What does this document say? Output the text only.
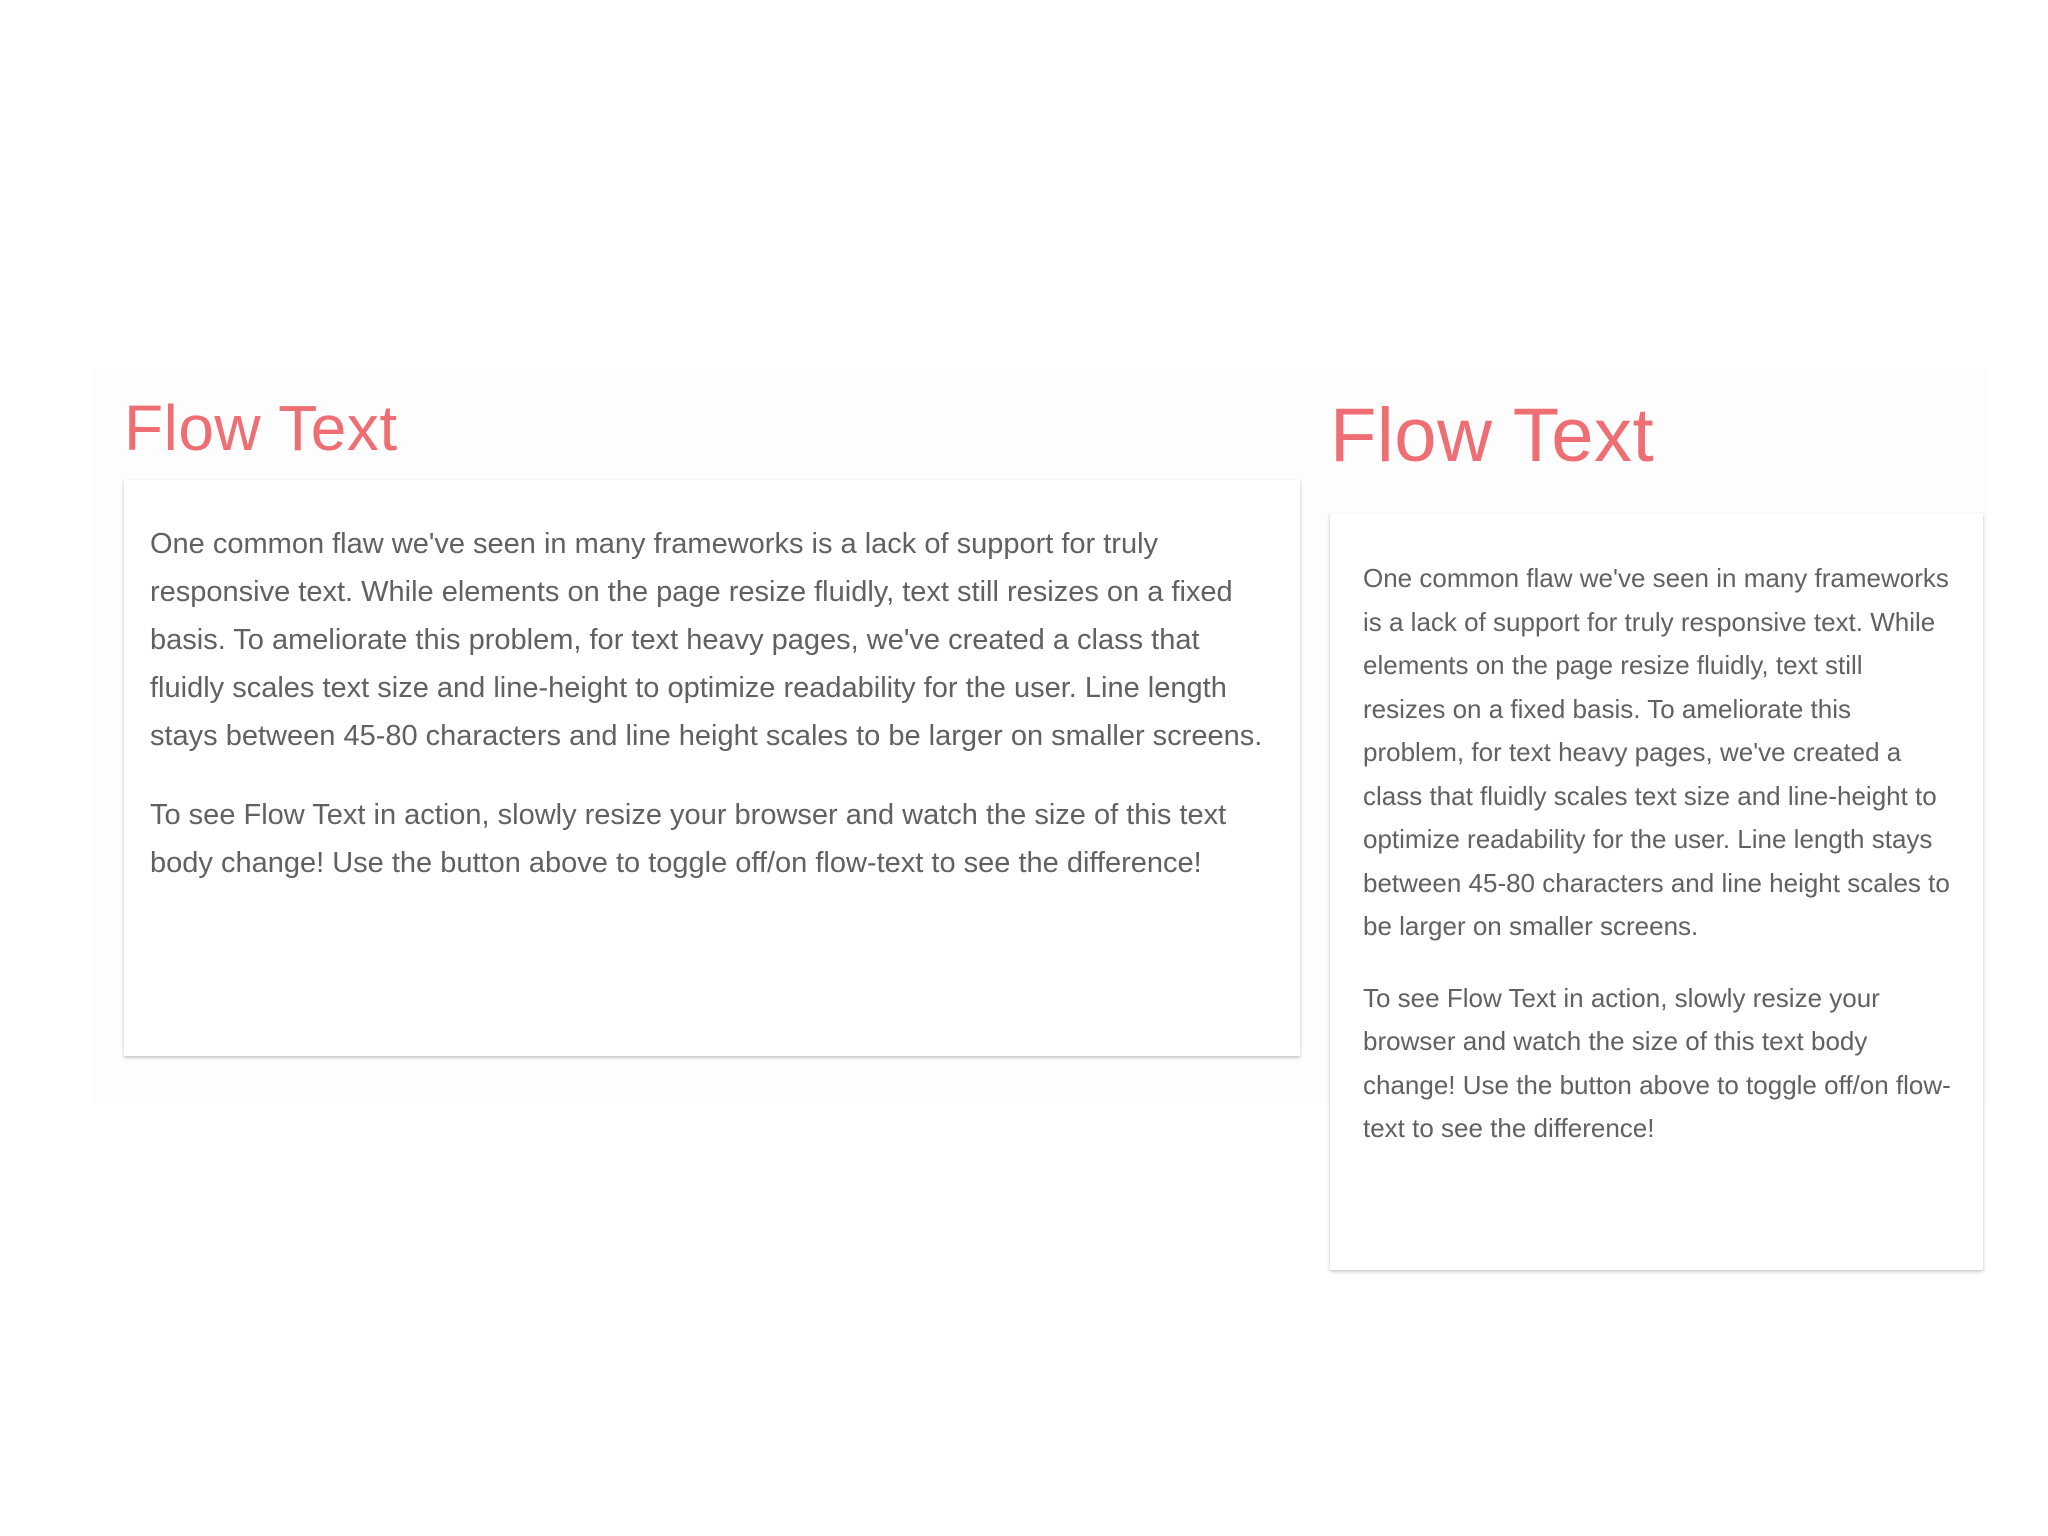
Flow Text

One common flaw we've seen in many frameworks is a lack of support for truly responsive text. While elements on the page resize fluidly, text still resizes on a fixed basis. To ameliorate this problem, for text heavy pages, we've created a class that fluidly scales text size and line-height to optimize readability for the user. Line length stays between 45-80 characters and line height scales to be larger on smaller screens.

To see Flow Text in action, slowly resize your browser and watch the size of this text body change! Use the button above to toggle off/on flow-text to see the difference!

Flow Text

One common flaw we've seen in many frameworks is a lack of support for truly responsive text. While elements on the page resize fluidly, text still resizes on a fixed basis. To ameliorate this problem, for text heavy pages, we've created a class that fluidly scales text size and line-height to optimize readability for the user. Line length stays between 45-80 characters and line height scales to be larger on smaller screens.

To see Flow Text in action, slowly resize your browser and watch the size of this text body change! Use the button above to toggle off/on flow-text to see the difference!
